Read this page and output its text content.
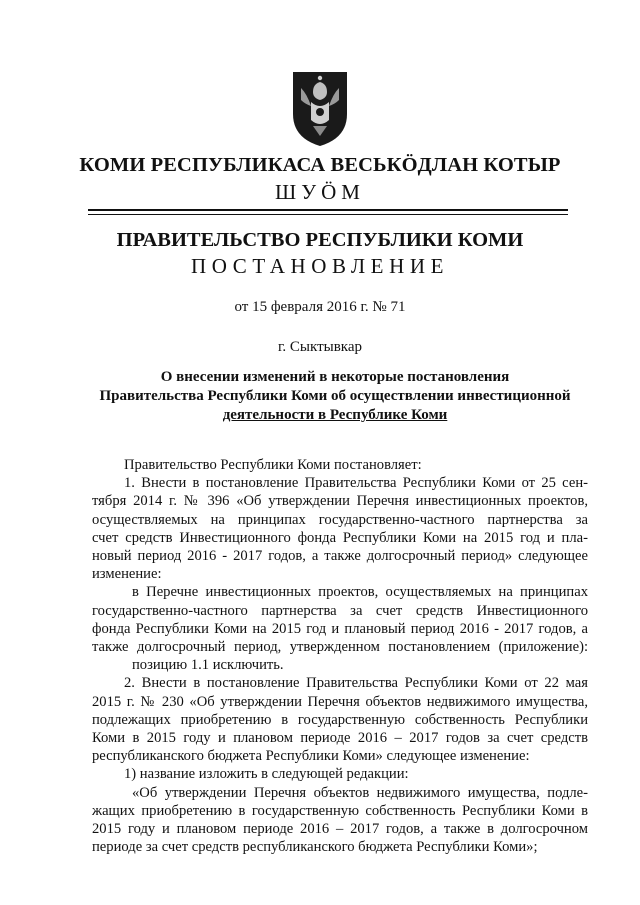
КОМИ РЕСПУБЛИКАСА ВЕСЬКÖДЛАН КОТЫР
ШУÖМ
ПРАВИТЕЛЬСТВО РЕСПУБЛИКИ КОМИ
ПОСТАНОВЛЕНИЕ
от 15 февраля 2016 г. № 71
г. Сыктывкар
О внесении изменений в некоторые постановления
Правительства Республики Коми об осуществлении инвестиционной
деятельности в Республике Коми
Правительство Республики Коми постановляет:
1. Внести в постановление Правительства Республики Коми от 25 сен-
тября 2014 г. № 396 «Об утверждении Перечня инвестиционных проектов,
осуществляемых на принципах государственно-частного партнерства за
счет средств Инвестиционного фонда Республики Коми на 2015 год и пла-
новый период 2016 - 2017 годов, а также долгосрочный период» следующее
изменение:
в Перечне инвестиционных проектов, осуществляемых на принципах
государственно-частного партнерства за счет средств Инвестиционного
фонда Республики Коми на 2015 год и плановый период 2016 - 2017 годов, а
также долгосрочный период, утвержденном постановлением (приложение):
позицию 1.1 исключить.
2. Внести в постановление Правительства Республики Коми от 22 мая
2015 г. № 230 «Об утверждении Перечня объектов недвижимого имущества,
подлежащих приобретению в государственную собственность Республики
Коми в 2015 году и плановом периоде 2016 – 2017 годов за счет средств
республиканского бюджета Республики Коми» следующее изменение:
1) название изложить в следующей редакции:
«Об утверждении Перечня объектов недвижимого имущества, подле-
жащих приобретению в государственную собственность Республики Коми в
2015 году и плановом периоде 2016 – 2017 годов, а также в долгосрочном
периоде за счет средств республиканского бюджета Республики Коми»;
